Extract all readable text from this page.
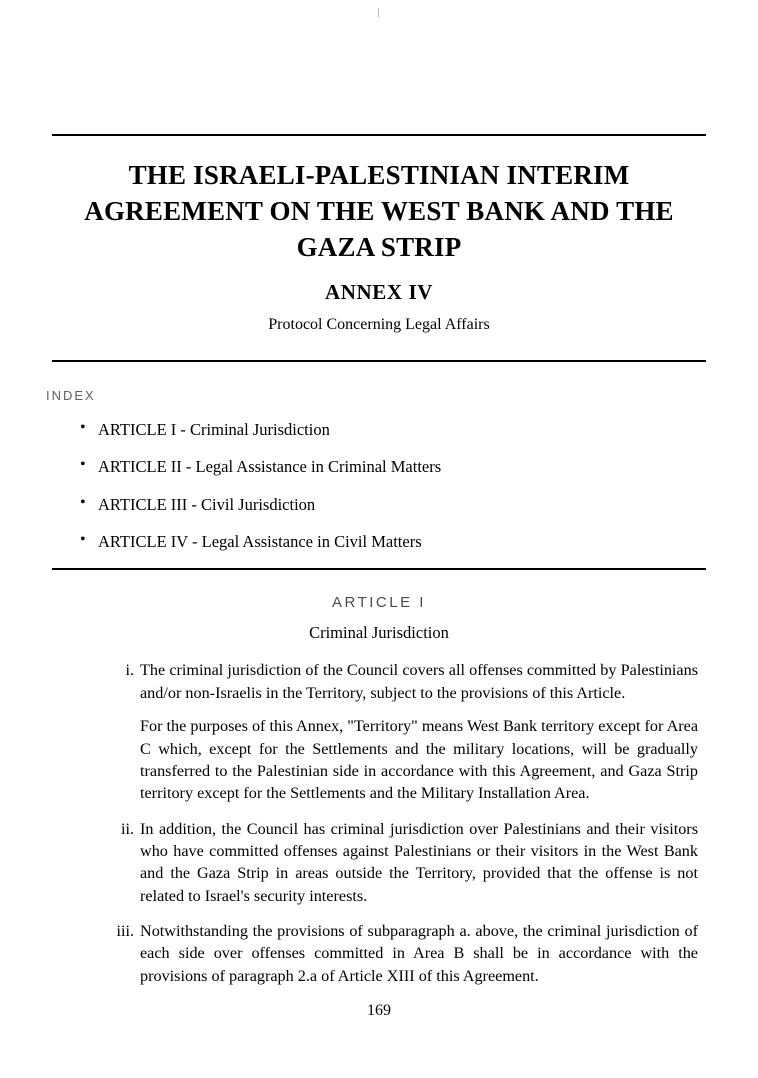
THE ISRAELI-PALESTINIAN INTERIM AGREEMENT ON THE WEST BANK AND THE GAZA STRIP
ANNEX IV
Protocol Concerning Legal Affairs
INDEX
• ARTICLE I - Criminal Jurisdiction
• ARTICLE II - Legal Assistance in Criminal Matters
• ARTICLE III - Civil Jurisdiction
• ARTICLE IV - Legal Assistance in Civil Matters
ARTICLE I
Criminal Jurisdiction
i. The criminal jurisdiction of the Council covers all offenses committed by Palestinians and/or non-Israelis in the Territory, subject to the provisions of this Article.
For the purposes of this Annex, "Territory" means West Bank territory except for Area C which, except for the Settlements and the military locations, will be gradually transferred to the Palestinian side in accordance with this Agreement, and Gaza Strip territory except for the Settlements and the Military Installation Area.
ii. In addition, the Council has criminal jurisdiction over Palestinians and their visitors who have committed offenses against Palestinians or their visitors in the West Bank and the Gaza Strip in areas outside the Territory, provided that the offense is not related to Israel's security interests.
iii. Notwithstanding the provisions of subparagraph a. above, the criminal jurisdiction of each side over offenses committed in Area B shall be in accordance with the provisions of paragraph 2.a of Article XIII of this Agreement.
169
